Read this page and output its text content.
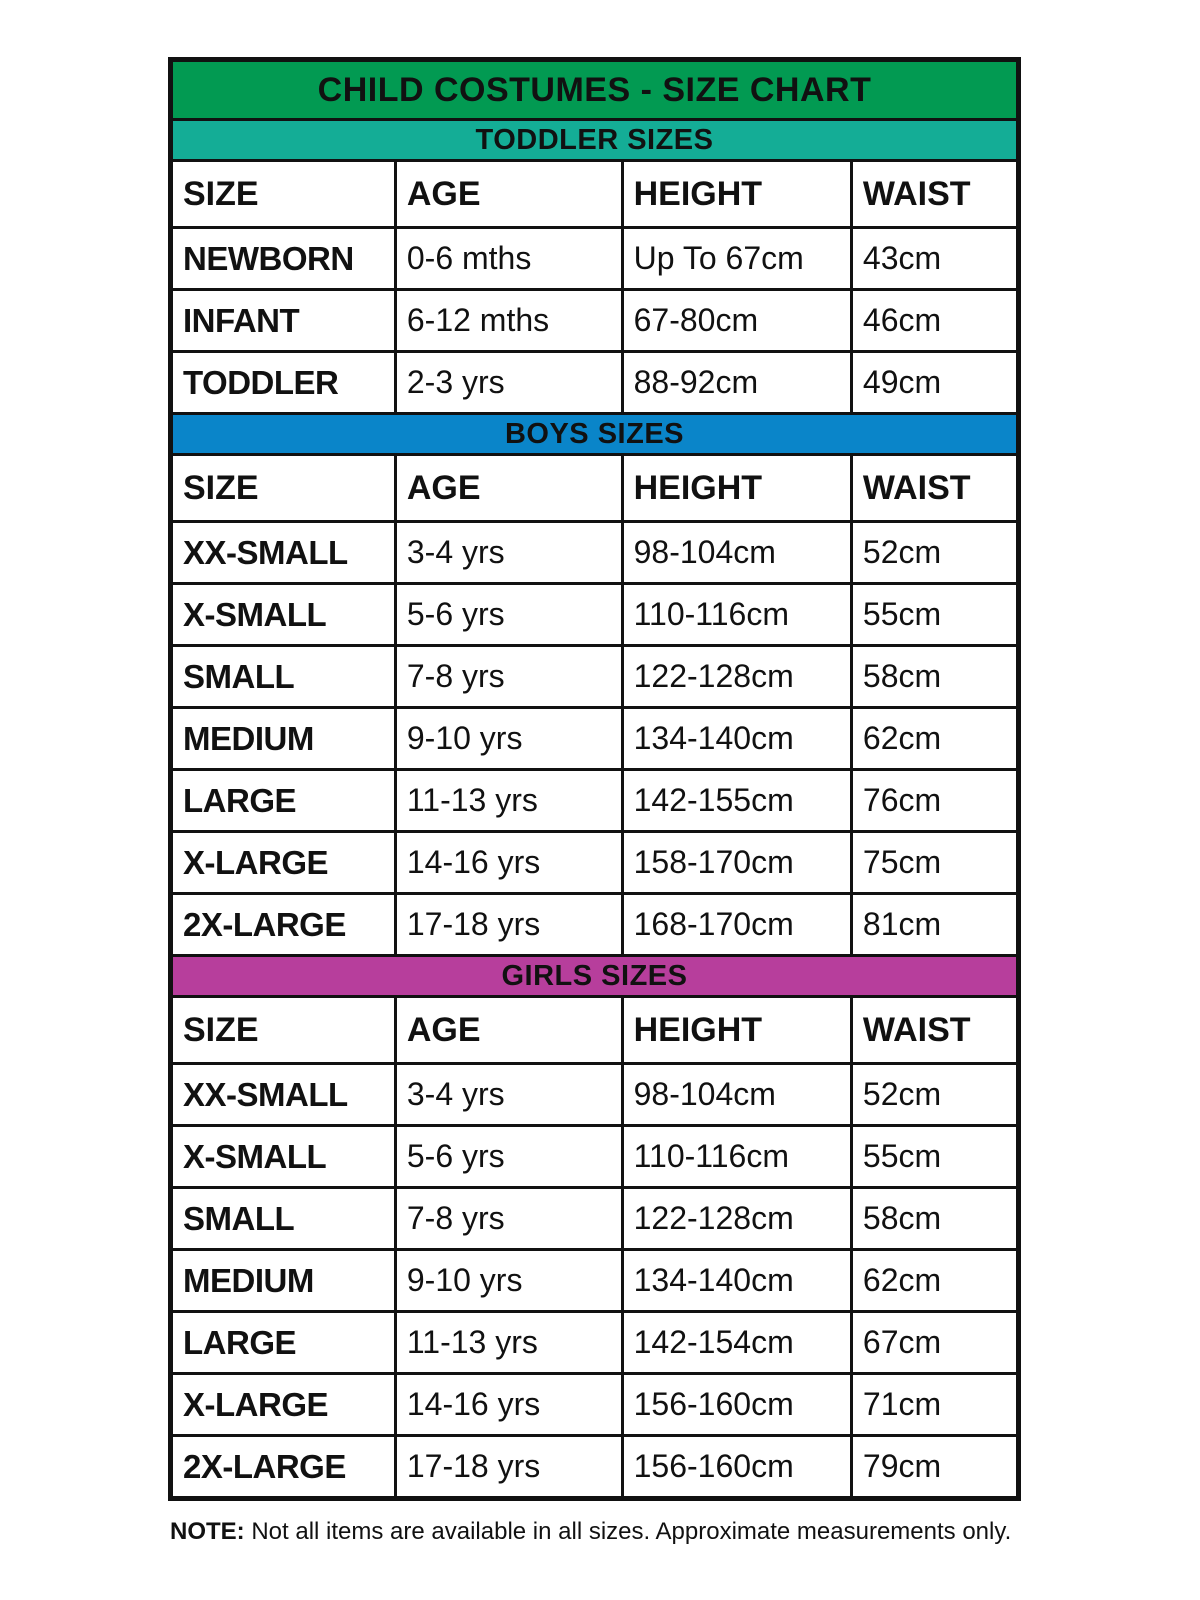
CHILD COSTUMES - SIZE CHART
TODDLER SIZES
SIZE	AGE	HEIGHT	WAIST
NEWBORN	0-6 mths	Up To 67cm	43cm
INFANT	6-12 mths	67-80cm	46cm
TODDLER	2-3 yrs	88-92cm	49cm
BOYS SIZES
SIZE	AGE	HEIGHT	WAIST
XX-SMALL	3-4 yrs	98-104cm	52cm
X-SMALL	5-6 yrs	110-116cm	55cm
SMALL	7-8 yrs	122-128cm	58cm
MEDIUM	9-10 yrs	134-140cm	62cm
LARGE	11-13 yrs	142-155cm	76cm
X-LARGE	14-16 yrs	158-170cm	75cm
2X-LARGE	17-18 yrs	168-170cm	81cm
GIRLS SIZES
SIZE	AGE	HEIGHT	WAIST
XX-SMALL	3-4 yrs	98-104cm	52cm
X-SMALL	5-6 yrs	110-116cm	55cm
SMALL	7-8 yrs	122-128cm	58cm
MEDIUM	9-10 yrs	134-140cm	62cm
LARGE	11-13 yrs	142-154cm	67cm
X-LARGE	14-16 yrs	156-160cm	71cm
2X-LARGE	17-18 yrs	156-160cm	79cm
NOTE: Not all items are available in all sizes. Approximate measurements only.
